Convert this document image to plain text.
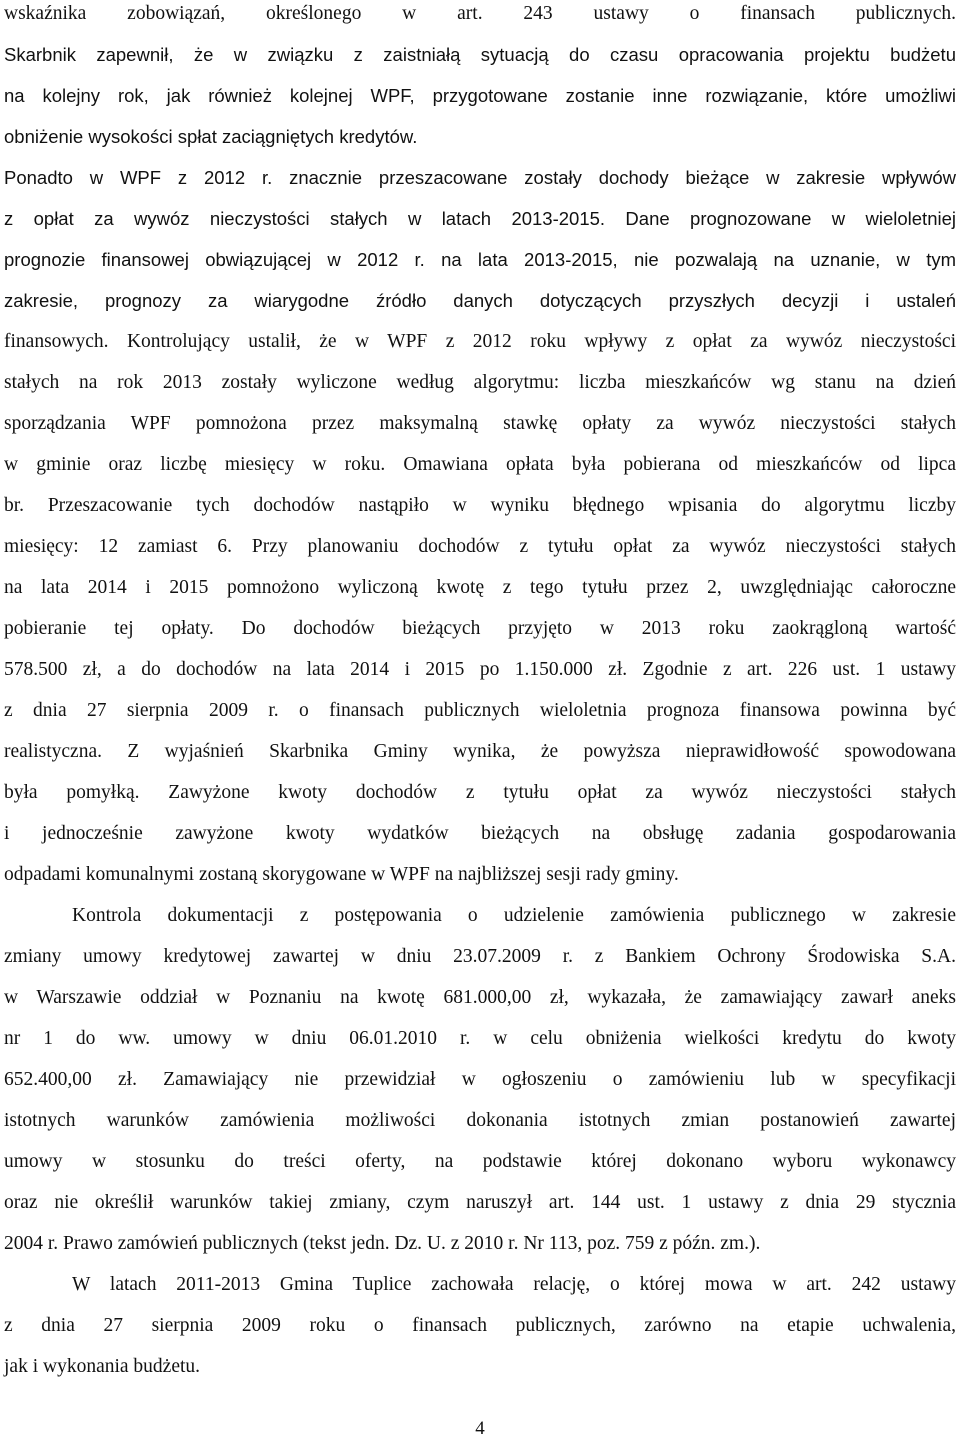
wskaźnika zobowiązań, określonego w art. 243 ustawy o finansach publicznych.
Skarbnik zapewnił, że w związku z zaistniałą sytuacją do czasu opracowania projektu budżetu
na kolejny rok, jak również kolejnej WPF, przygotowane zostanie inne rozwiązanie, które umożliwi
obniżenie wysokości spłat zaciągniętych kredytów.
Ponadto w WPF z 2012 r. znacznie przeszacowane zostały dochody bieżące w zakresie wpływów
z opłat za wywóz nieczystości stałych w latach 2013-2015. Dane prognozowane w wieloletniej
prognozie finansowej obwiązującej w 2012 r. na lata 2013-2015, nie pozwalają na uznanie, w tym
zakresie, prognozy za wiarygodne źródło danych dotyczących przyszłych decyzji i ustaleń
finansowych. Kontrolujący ustalił, że w WPF z 2012 roku wpływy z opłat za wywóz nieczystości
stałych na rok 2013 zostały wyliczone według algorytmu: liczba mieszkańców wg stanu na dzień
sporządzania WPF pomnożona przez maksymalną stawkę opłaty za wywóz nieczystości stałych
w gminie oraz liczbę miesięcy w roku. Omawiana opłata była pobierana od mieszkańców od lipca
br. Przeszacowanie tych dochodów nastąpiło w wyniku błędnego wpisania do algorytmu liczby
miesięcy: 12 zamiast 6. Przy planowaniu dochodów z tytułu opłat za wywóz nieczystości stałych
na lata 2014 i 2015 pomnożono wyliczoną kwotę z tego tytułu przez 2, uwzględniając całoroczne
pobieranie tej opłaty. Do dochodów bieżących przyjęto w 2013 roku zaokrągloną wartość
578.500 zł, a do dochodów na lata 2014 i 2015 po 1.150.000 zł. Zgodnie z art. 226 ust. 1 ustawy
z dnia 27 sierpnia 2009 r. o finansach publicznych wieloletnia prognoza finansowa powinna być
realistyczna. Z wyjaśnień Skarbnika Gminy wynika, że powyższa nieprawidłowość spowodowana
była pomyłką. Zawyżone kwoty dochodów z tytułu opłat za wywóz nieczystości stałych
i jednocześnie zawyżone kwoty wydatków bieżących na obsługę zadania gospodarowania
odpadami komunalnymi zostaną skorygowane w WPF na najbliższej sesji rady gminy.
Kontrola dokumentacji z postępowania o udzielenie zamówienia publicznego w zakresie
zmiany umowy kredytowej zawartej w dniu 23.07.2009 r. z Bankiem Ochrony Środowiska S.A.
w Warszawie oddział w Poznaniu na kwotę 681.000,00 zł, wykazała, że zamawiający zawarł aneks
nr 1 do ww. umowy w dniu 06.01.2010 r. w celu obniżenia wielkości kredytu do kwoty
652.400,00 zł. Zamawiający nie przewidział w ogłoszeniu o zamówieniu lub w specyfikacji
istotnych warunków zamówienia możliwości dokonania istotnych zmian postanowień zawartej
umowy w stosunku do treści oferty, na podstawie której dokonano wyboru wykonawcy
oraz nie określił warunków takiej zmiany, czym naruszył art. 144 ust. 1 ustawy z dnia 29 stycznia
2004 r. Prawo zamówień publicznych (tekst jedn. Dz. U. z 2010 r. Nr 113, poz. 759 z późn. zm.).
W latach 2011-2013 Gmina Tuplice zachowała relację, o której mowa w art. 242 ustawy
z dnia 27 sierpnia 2009 roku o finansach publicznych, zarówno na etapie uchwalenia,
jak i wykonania budżetu.
4
